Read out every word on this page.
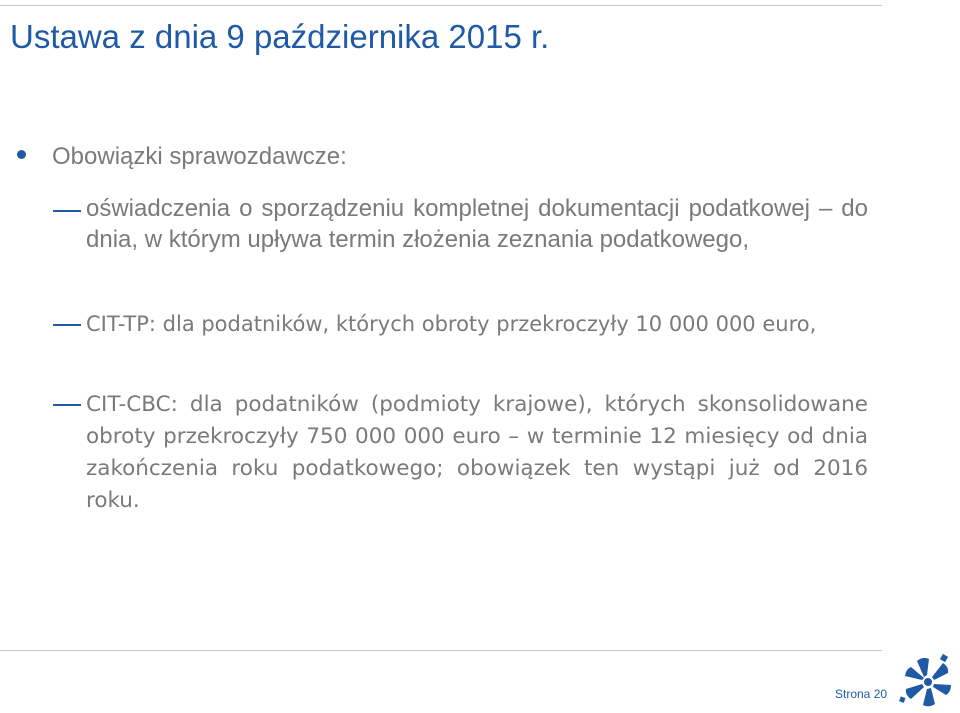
Ustawa z dnia 9 października 2015 r.
Obowiązki sprawozdawcze:
oświadczenia o sporządzeniu kompletnej dokumentacji podatkowej – do dnia, w którym upływa termin złożenia zeznania podatkowego,
CIT-TP: dla podatników, których obroty przekroczyły 10 000 000 euro,
CIT-CBC: dla podatników (podmioty krajowe), których skonsolidowane obroty przekroczyły 750 000 000 euro – w terminie 12 miesięcy od dnia zakończenia roku podatkowego; obowiązek ten wystąpi już od 2016 roku.
Strona 20
